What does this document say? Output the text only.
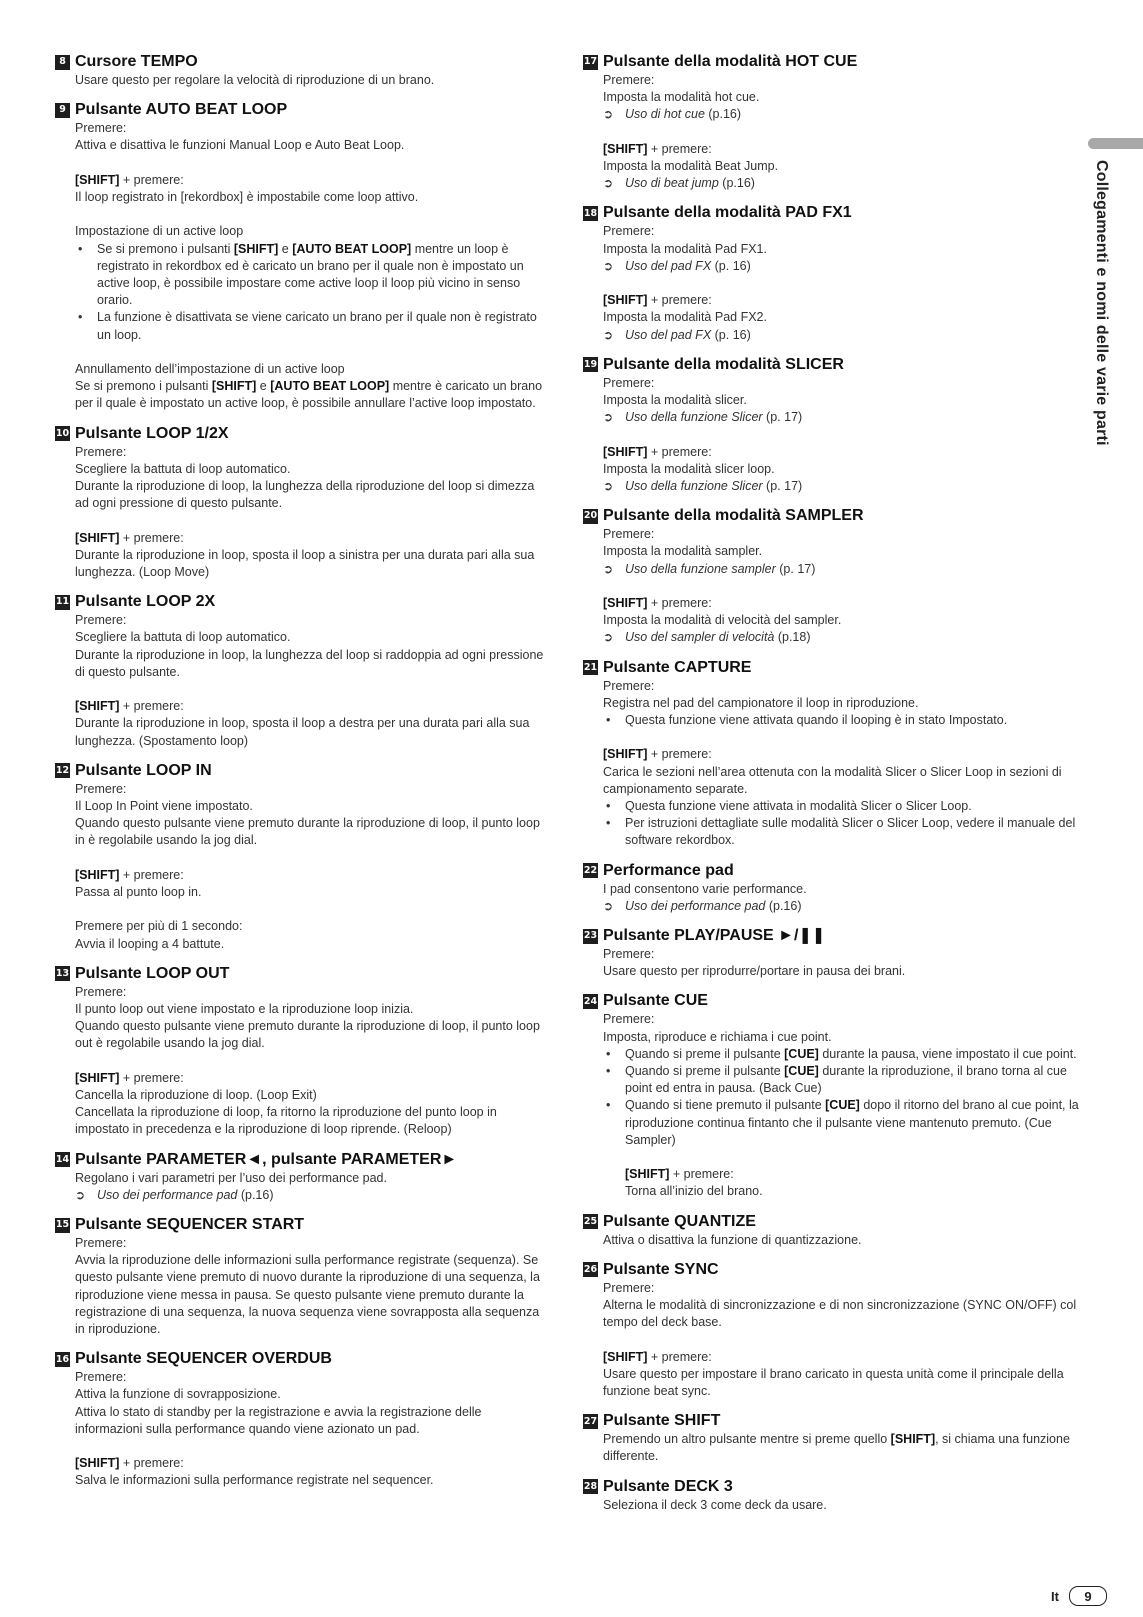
8 Cursore TEMPO
Usare questo per regolare la velocità di riproduzione di un brano.
9 Pulsante AUTO BEAT LOOP
Premere:
Attiva e disattiva le funzioni Manual Loop e Auto Beat Loop.
[SHIFT] + premere:
Il loop registrato in [rekordbox] è impostabile come loop attivo.
Impostazione di un active loop
•	Se si premono i pulsanti [SHIFT] e [AUTO BEAT LOOP] mentre un loop è registrato in rekordbox ed è caricato un brano per il quale non è impostato un active loop, è possibile impostare come active loop il loop più vicino in senso orario.
•	La funzione è disattivata se viene caricato un brano per il quale non è registrato un loop.
Annullamento dell’impostazione di un active loop
Se si premono i pulsanti [SHIFT] e [AUTO BEAT LOOP] mentre è caricato un brano per il quale è impostato un active loop, è possibile annullare l’active loop impostato.
10 Pulsante LOOP 1/2X
Premere:
Scegliere la battuta di loop automatico.
Durante la riproduzione di loop, la lunghezza della riproduzione del loop si dimezza ad ogni pressione di questo pulsante.
[SHIFT] + premere:
Durante la riproduzione in loop, sposta il loop a sinistra per una durata pari alla sua lunghezza. (Loop Move)
11 Pulsante LOOP 2X
Premere:
Scegliere la battuta di loop automatico.
Durante la riproduzione in loop, la lunghezza del loop si raddoppia ad ogni pressione di questo pulsante.
[SHIFT] + premere:
Durante la riproduzione in loop, sposta il loop a destra per una durata pari alla sua lunghezza. (Spostamento loop)
12 Pulsante LOOP IN
Premere:
Il Loop In Point viene impostato.
Quando questo pulsante viene premuto durante la riproduzione di loop, il punto loop in è regolabile usando la jog dial.
[SHIFT] + premere:
Passa al punto loop in.
Premere per più di 1 secondo:
Avvia il looping a 4 battute.
13 Pulsante LOOP OUT
Premere:
Il punto loop out viene impostato e la riproduzione loop inizia.
Quando questo pulsante viene premuto durante la riproduzione di loop, il punto loop out è regolabile usando la jog dial.
[SHIFT] + premere:
Cancella la riproduzione di loop. (Loop Exit)
Cancellata la riproduzione di loop, fa ritorno la riproduzione del punto loop in impostato in precedenza e la riproduzione di loop riprende. (Reloop)
14 Pulsante PARAMETER◄, pulsante PARAMETER►
Regolano i vari parametri per l’uso dei performance pad.
➲ Uso dei performance pad (p.16)
15 Pulsante SEQUENCER START
Premere:
Avvia la riproduzione delle informazioni sulla performance registrate (sequenza). Se questo pulsante viene premuto di nuovo durante la riproduzione di una sequenza, la riproduzione viene messa in pausa. Se questo pulsante viene premuto durante la registrazione di una sequenza, la nuova sequenza viene sovrapposta alla sequenza in riproduzione.
16 Pulsante SEQUENCER OVERDUB
Premere:
Attiva la funzione di sovrapposizione.
Attiva lo stato di standby per la registrazione e avvia la registrazione delle informazioni sulla performance quando viene azionato un pad.
[SHIFT] + premere:
Salva le informazioni sulla performance registrate nel sequencer.
17 Pulsante della modalità HOT CUE
Premere:
Imposta la modalità hot cue.
➲ Uso di hot cue (p.16)
[SHIFT] + premere:
Imposta la modalità Beat Jump.
➲ Uso di beat jump (p.16)
18 Pulsante della modalità PAD FX1
Premere:
Imposta la modalità Pad FX1.
➲ Uso del pad FX (p. 16)
[SHIFT] + premere:
Imposta la modalità Pad FX2.
➲ Uso del pad FX (p. 16)
19 Pulsante della modalità SLICER
Premere:
Imposta la modalità slicer.
➲ Uso della funzione Slicer (p. 17)
[SHIFT] + premere:
Imposta la modalità slicer loop.
➲ Uso della funzione Slicer (p. 17)
20 Pulsante della modalità SAMPLER
Premere:
Imposta la modalità sampler.
➲ Uso della funzione sampler (p. 17)
[SHIFT] + premere:
Imposta la modalità di velocità del sampler.
➲ Uso del sampler di velocità (p.18)
21 Pulsante CAPTURE
Premere:
Registra nel pad del campionatore il loop in riproduzione.
•	Questa funzione viene attivata quando il looping è in stato Impostato.
[SHIFT] + premere:
Carica le sezioni nell’area ottenuta con la modalità Slicer o Slicer Loop in sezioni di campionamento separate.
•	Questa funzione viene attivata in modalità Slicer o Slicer Loop.
•	Per istruzioni dettagliate sulle modalità Slicer o Slicer Loop, vedere il manuale del software rekordbox.
22 Performance pad
I pad consentono varie performance.
➲ Uso dei performance pad (p.16)
23 Pulsante PLAY/PAUSE ►/❚❚
Premere:
Usare questo per riprodurre/portare in pausa dei brani.
24 Pulsante CUE
Premere:
Imposta, riproduce e richiama i cue point.
•	Quando si preme il pulsante [CUE] durante la pausa, viene impostato il cue point.
•	Quando si preme il pulsante [CUE] durante la riproduzione, il brano torna al cue point ed entra in pausa. (Back Cue)
•	Quando si tiene premuto il pulsante [CUE] dopo il ritorno del brano al cue point, la riproduzione continua fintanto che il pulsante viene mantenuto premuto. (Cue Sampler)
[SHIFT] + premere:
Torna all’inizio del brano.
25 Pulsante QUANTIZE
Attiva o disattiva la funzione di quantizzazione.
26 Pulsante SYNC
Premere:
Alterna le modalità di sincronizzazione e di non sincronizzazione (SYNC ON/OFF) col tempo del deck base.
[SHIFT] + premere:
Usare questo per impostare il brano caricato in questa unità come il principale della funzione beat sync.
27 Pulsante SHIFT
Premendo un altro pulsante mentre si preme quello [SHIFT], si chiama una funzione differente.
28 Pulsante DECK 3
Seleziona il deck 3 come deck da usare.
Collegamenti e nomi delle varie parti
It	9
